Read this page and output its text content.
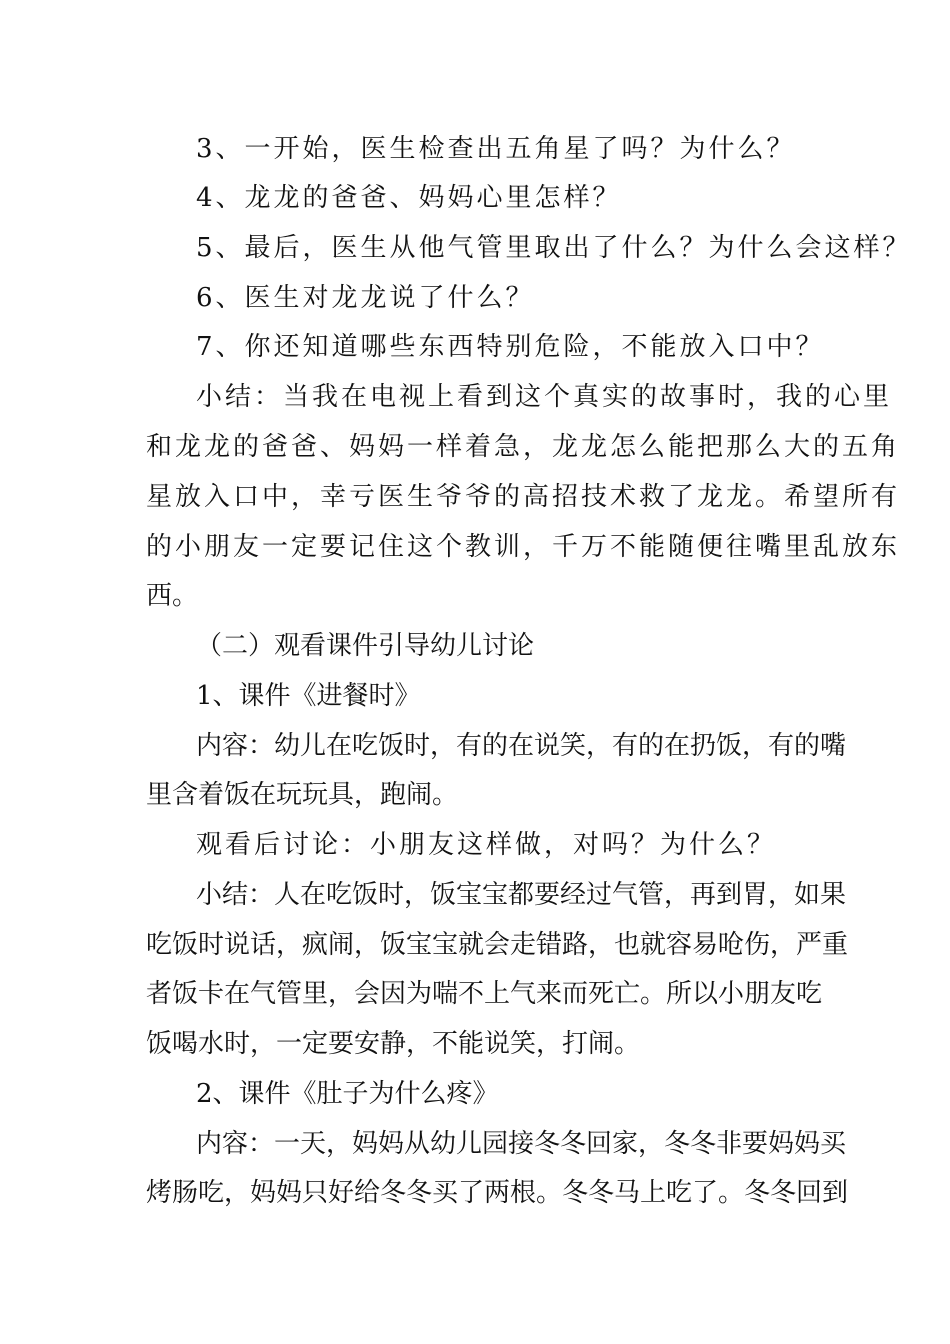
3、一开始，医生检查出五角星了吗？为什么？
4、龙龙的爸爸、妈妈心里怎样？
5、最后，医生从他气管里取出了什么？为什么会这样？
6、医生对龙龙说了什么？
7、你还知道哪些东西特别危险，不能放入口中？
小结：当我在电视上看到这个真实的故事时，我的心里
和龙龙的爸爸、妈妈一样着急，龙龙怎么能把那么大的五角
星放入口中，幸亏医生爷爷的高招技术救了龙龙。希望所有
的小朋友一定要记住这个教训，千万不能随便往嘴里乱放东
西。
（二）观看课件引导幼儿讨论
1、课件《进餐时》
内容：幼儿在吃饭时，有的在说笑，有的在扔饭，有的嘴
里含着饭在玩玩具，跑闹。
观看后讨论：小朋友这样做，对吗？为什么？
小结：人在吃饭时，饭宝宝都要经过气管，再到胃，如果
吃饭时说话，疯闹，饭宝宝就会走错路，也就容易呛伤，严重
者饭卡在气管里，会因为喘不上气来而死亡。所以小朋友吃
饭喝水时，一定要安静，不能说笑，打闹。
2、课件《肚子为什么疼》
内容：一天，妈妈从幼儿园接冬冬回家，冬冬非要妈妈买
烤肠吃，妈妈只好给冬冬买了两根。冬冬马上吃了。冬冬回到
